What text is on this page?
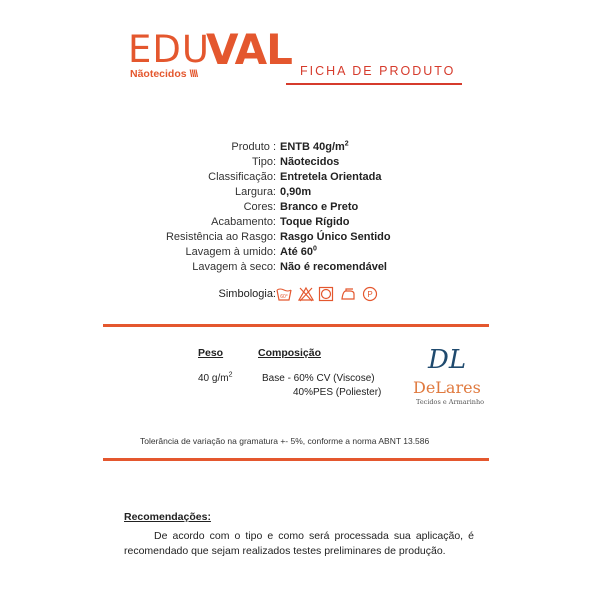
EDU
VAL
Nãotecidos \\\\	FICHA DE PRODUTO
Produto : ENTB $40g/m^2$
Tipo: Nãotecidos
Classificação: Entretela Orientada
Largura: 0,90m
Cores: Branco e Preto
Acabamento: Toque Rígido
Resistência ao Rasgo: Rasgo Único Sentido
Lavagem à umido: Até $60^0$
Lavagem à seco: Não é recomendável
Simbologia: 60°	P
Peso	Composição
40 $g/m^2$	Base - 60% CV (Viscose)
40%PES (Poliester)
DL
DeLares
Tecidos e Armarinho
Tolerância de variação na gramatura +- 5%, conforme a norma ABNT 13.586
Recomendações:
De acordo com o tipo e como será processada sua aplicação, é recomendado que sejam realizados testes preliminares de produção.
